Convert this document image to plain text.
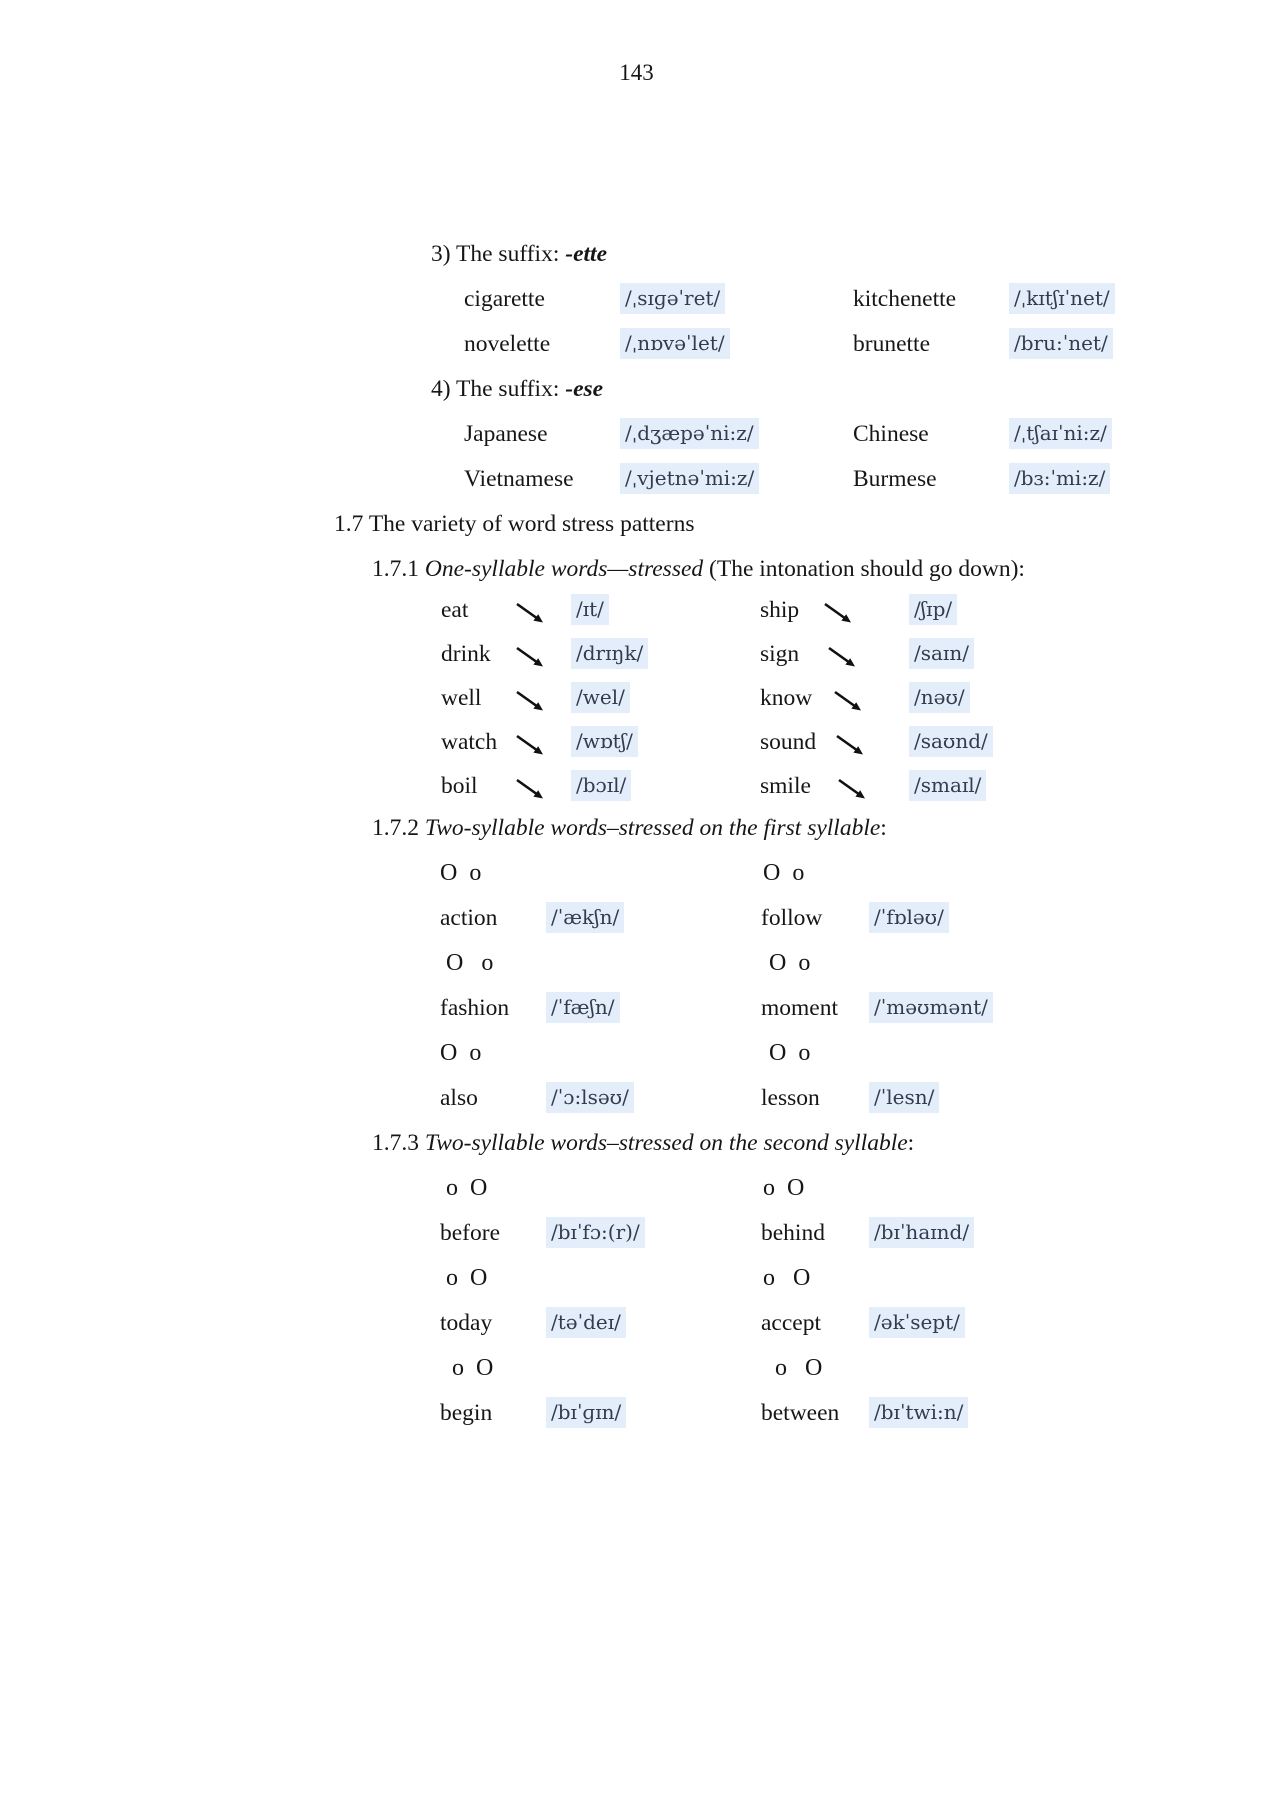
143
3) The suffix: -ette
cigarette	/ˌsɪɡəˈret/	kitchenette	/ˌkɪtʃɪˈnet/
novelette	/ˌnɒvəˈlet/	brunette	/bru:ˈnet/
4) The suffix: -ese
Japanese	/ˌdʒæpəˈni:z/	Chinese	/ˌtʃaɪˈni:z/
Vietnamese	/ˌvjetnəˈmi:z/	Burmese	/bɜ:ˈmi:z/
1.7 The variety of word stress patterns
1.7.1 One-syllable words—stressed (The intonation should go down):
eat	/ɪt/	ship	/ʃɪp/
drink	/drɪŋk/	sign	/saɪn/
well	/wel/	know	/nəʊ/
watch	/wɒtʃ/	sound	/saʊnd/
boil	/bɔɪl/	smile	/smaɪl/
1.7.2 Two-syllable words–stressed on the first syllable:
O  o	O  o
action	/ˈækʃn/	follow	/ˈfɒləʊ/
O   o	O  o
fashion /ˈfæʃn/	moment /ˈməʊmənt/
O  o	O  o
also	/ˈɔ:lsəʊ/	lesson	/ˈlesn/
1.7.3 Two-syllable words–stressed on the second syllable:
o  O	o  O
before	/bɪˈfɔ:(r)/	behind /bɪˈhaɪnd/
o  O	o   O
today	/təˈdeɪ/	accept	/əkˈsept/
o  O	o   O
begin	/bɪˈɡɪn/	between /bɪˈtwi:n/
